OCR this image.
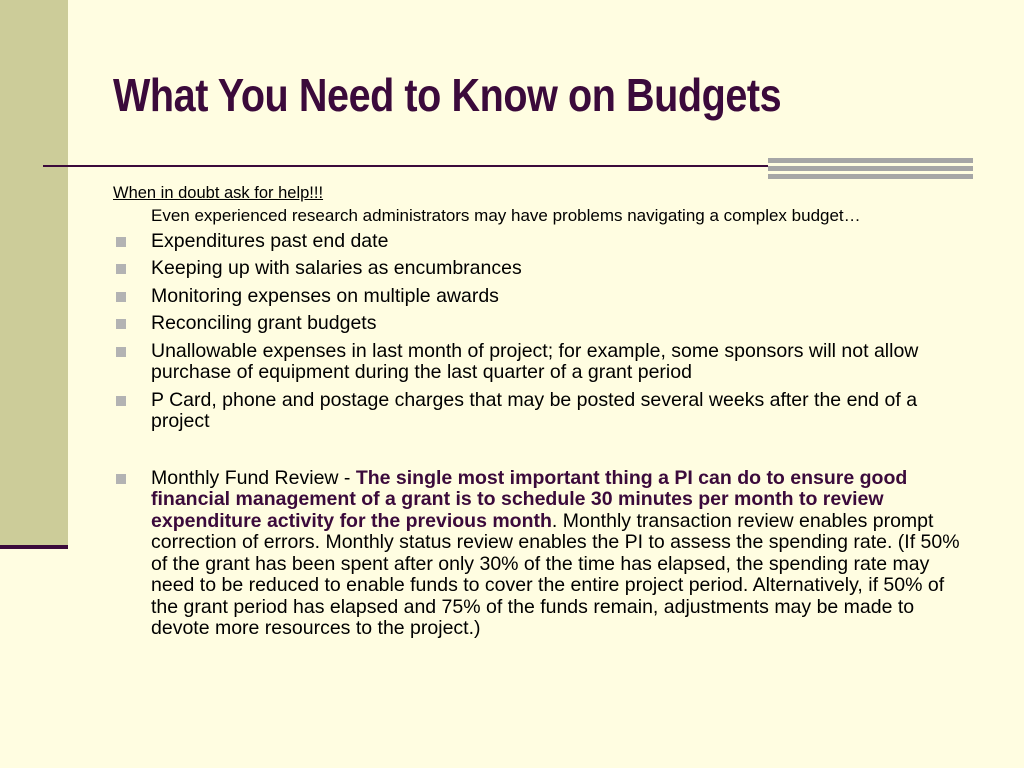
What You Need to Know on Budgets
When in doubt ask for help!!!
Even experienced research administrators may have problems navigating a complex budget…
Expenditures past end date
Keeping up with salaries as encumbrances
Monitoring expenses on multiple awards
Reconciling grant budgets
Unallowable expenses in last month of project; for example, some sponsors will not allow purchase of equipment during the last quarter of a grant period
P Card, phone and postage charges that may be posted several weeks after the end of a project
Monthly Fund Review - The single most important thing a PI can do to ensure good financial management of a grant is to schedule 30 minutes per month to review expenditure activity for the previous month. Monthly transaction review enables prompt correction of errors. Monthly status review enables the PI to assess the spending rate. (If 50% of the grant has been spent after only 30% of the time has elapsed, the spending rate may need to be reduced to enable funds to cover the entire project period. Alternatively, if 50% of the grant period has elapsed and 75% of the funds remain, adjustments may be made to devote more resources to the project.)
